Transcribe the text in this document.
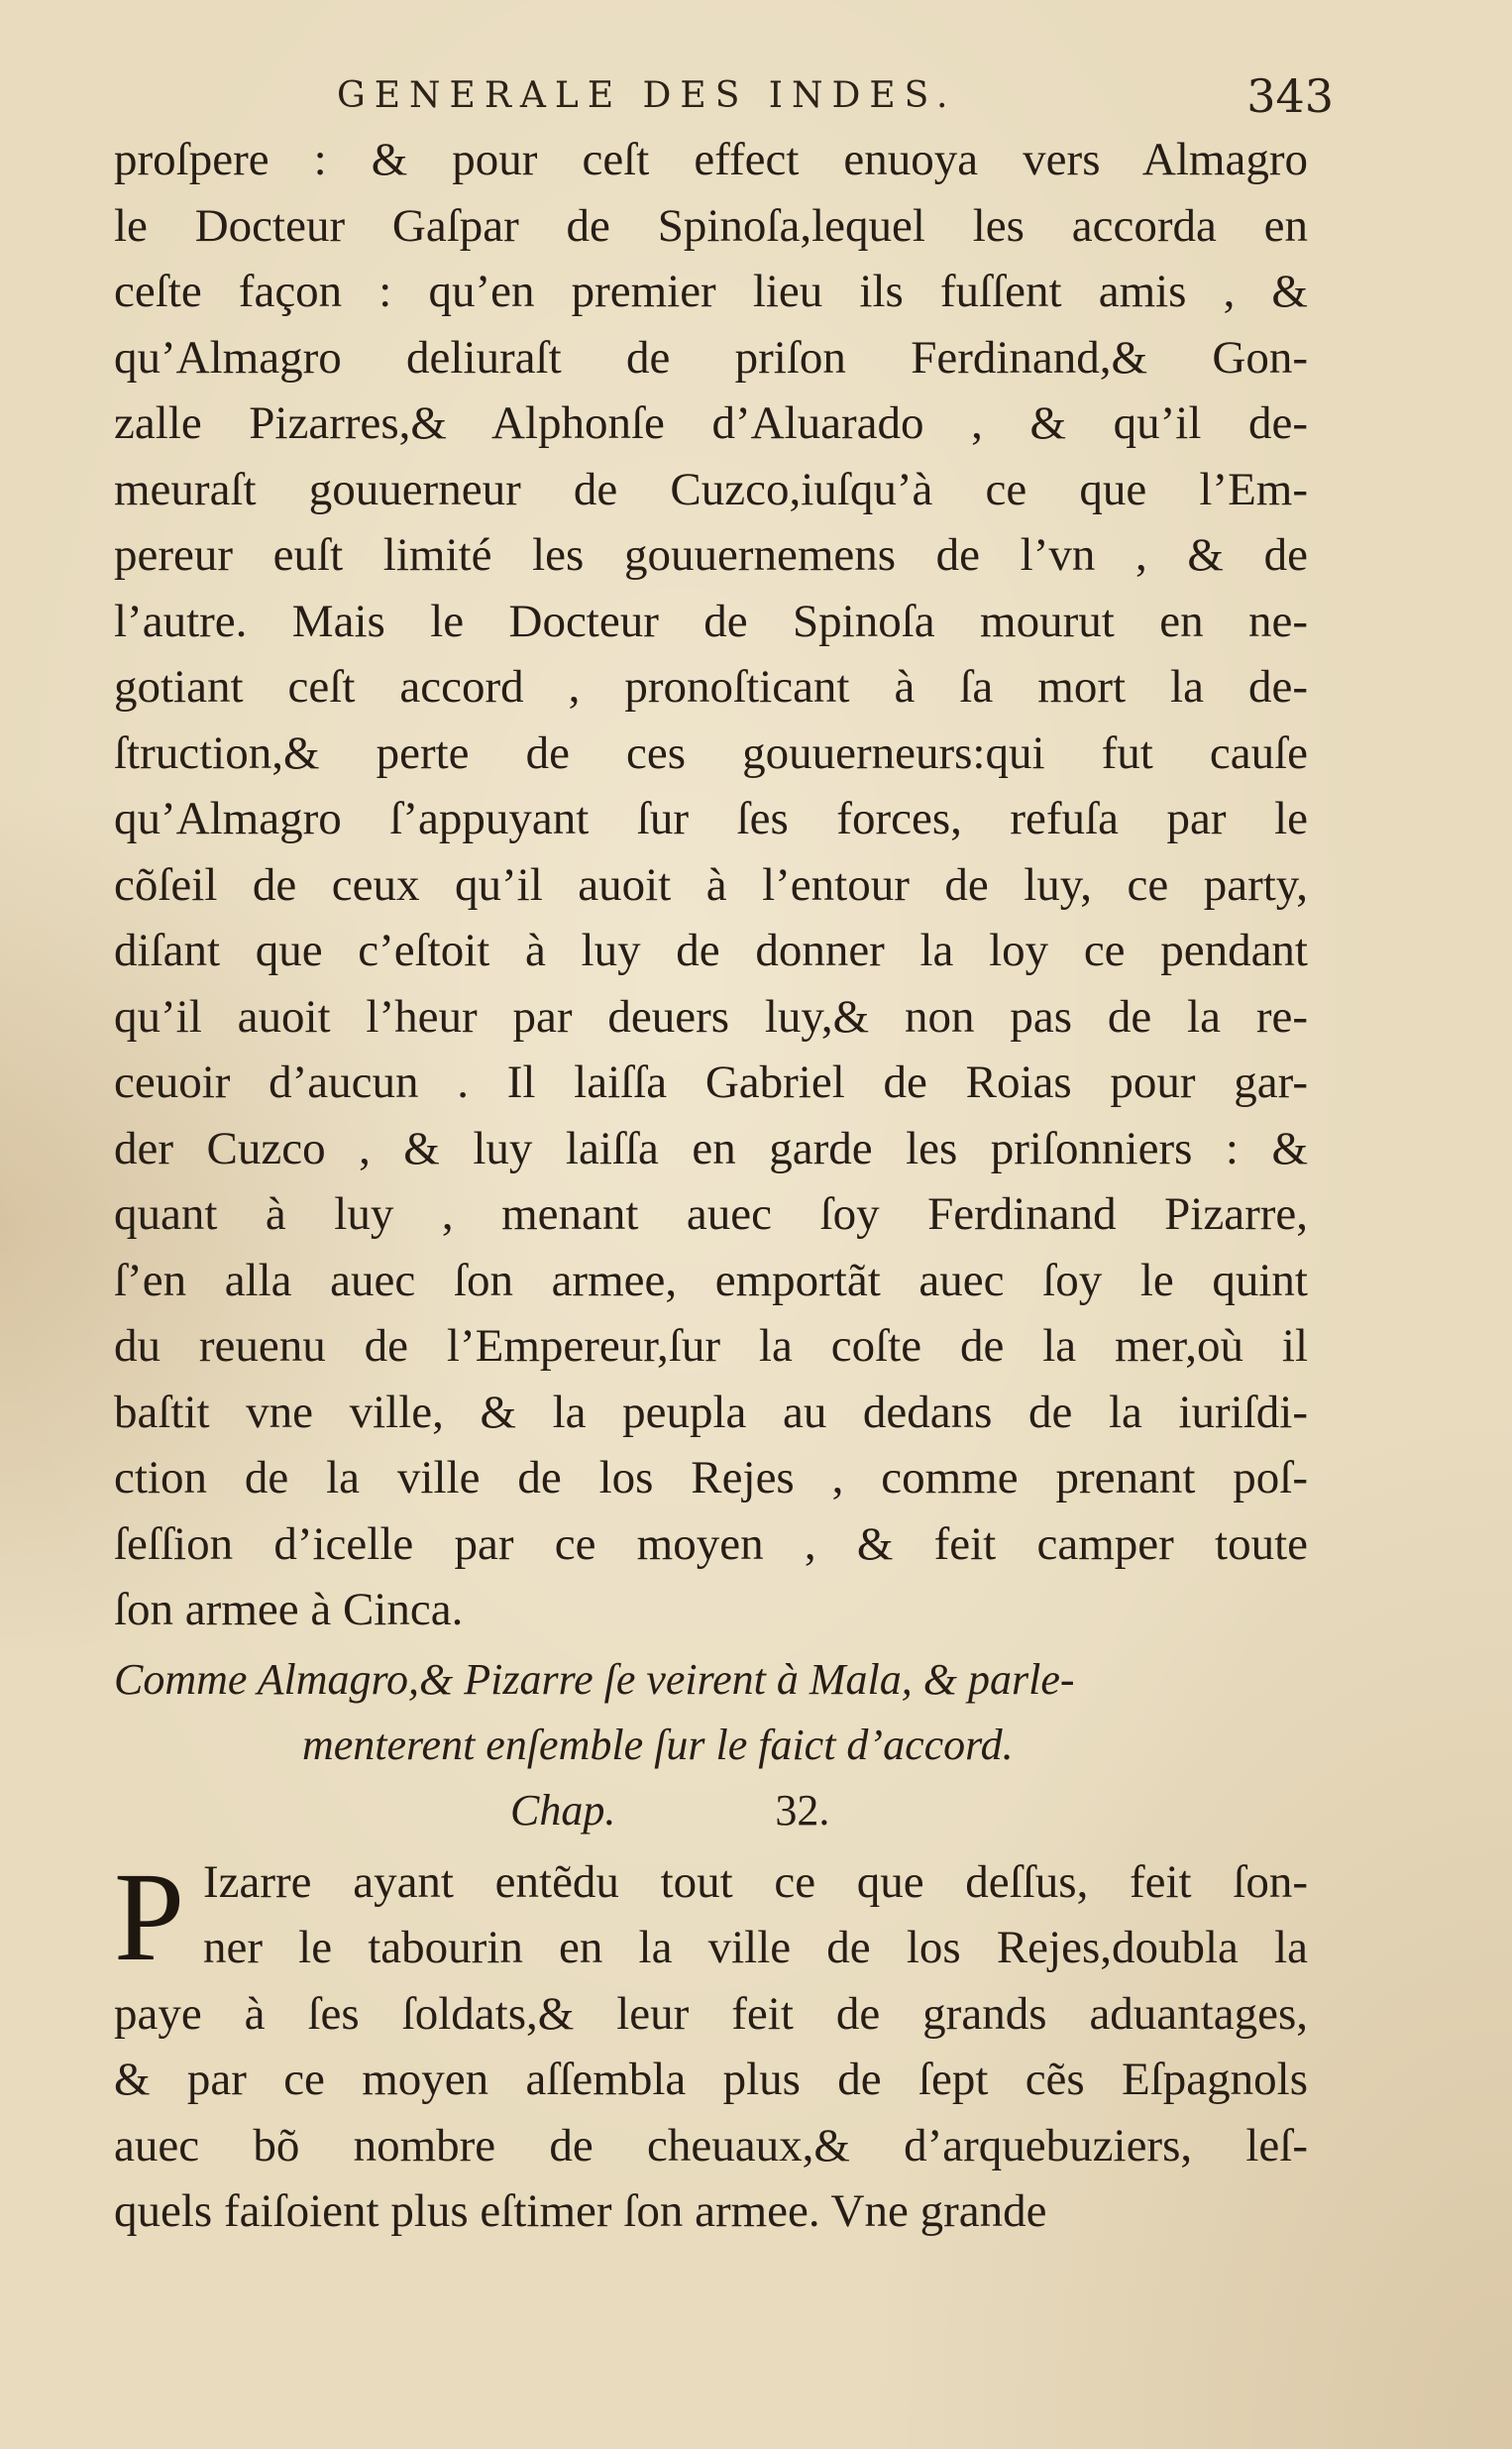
GENERALE DES INDES.	343
proſpere : & pour ceſt effect enuoya vers Almagro
le Docteur Gaſpar de Spinoſa,lequel les accorda en
ceſte façon : qu’en premier lieu ils fuſſent amis , &
qu’Almagro deliuraſt de priſon Ferdinand,& Gon-
zalle Pizarres,& Alphonſe d’Aluarado , & qu’il de-
meuraſt gouuerneur de Cuzco,iuſqu’à ce que l’Em-
pereur euſt limité les gouuernemens de l’vn , & de
l’autre. Mais le Docteur de Spinoſa mourut en ne-
gotiant ceſt accord , pronoſticant à ſa mort la de-
ſtruction,& perte de ces gouuerneurs:qui fut cauſe
qu’Almagro ſ’appuyant ſur ſes forces, refuſa par le
cõſeil de ceux qu’il auoit à l’entour de luy, ce party,
diſant que c’eſtoit à luy de donner la loy ce pendant
qu’il auoit l’heur par deuers luy,& non pas de la re-
ceuoir d’aucun . Il laiſſa Gabriel de Roias pour gar-
der Cuzco , & luy laiſſa en garde les priſonniers : &
quant à luy , menant auec ſoy Ferdinand Pizarre,
ſ’en alla auec ſon armee, emportãt auec ſoy le quint
du reuenu de l’Empereur,ſur la coſte de la mer,où il
baſtit vne ville, & la peupla au dedans de la iuriſdi-
ction de la ville de los Rejes , comme prenant poſ-
ſeſſion d’icelle par ce moyen , & feit camper toute
ſon armee à Cinca.
Comme Almagro,& Pizarre ſe veirent à Mala, & parle-
menterent enſemble ſur le faict d’accord.
Chap.	32.
P Izarre ayant entẽdu tout ce que deſſus, feit ſon-
ner le tabourin en la ville de los Rejes,doubla la
paye à ſes ſoldats,& leur feit de grands aduantages,
& par ce moyen aſſembla plus de ſept cẽs Eſpagnols
auec bõ nombre de cheuaux,& d’arquebuziers, leſ-
quels faiſoient plus eſtimer ſon armee. Vne grande
